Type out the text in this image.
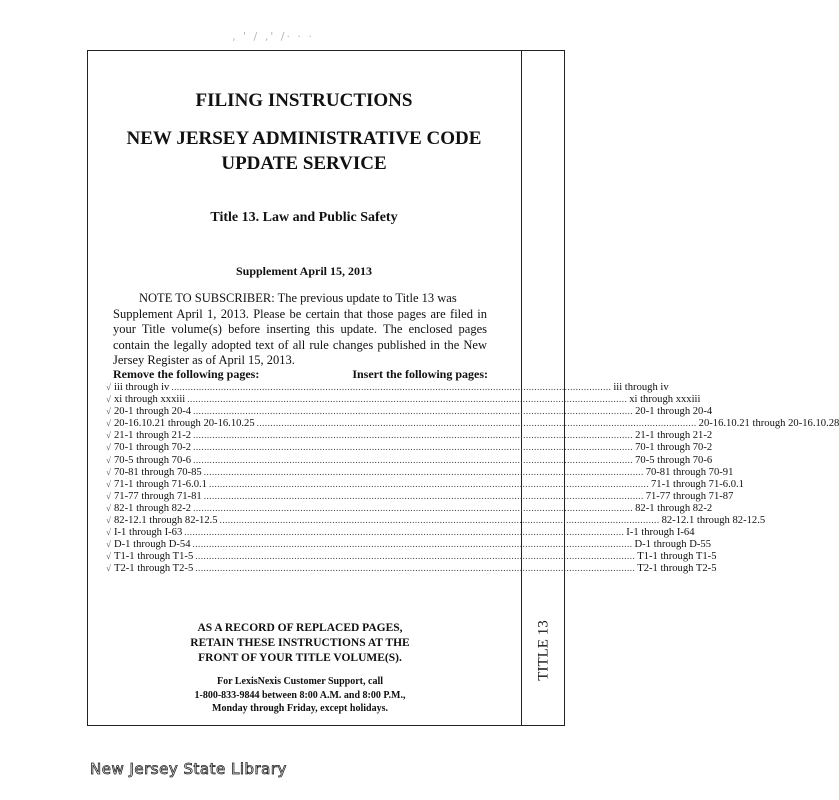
‚ ' / ‚' /· · ·
TITLE 13
FILING INSTRUCTIONS
NEW JERSEY ADMINISTRATIVE CODE
UPDATE SERVICE
Title 13. Law and Public Safety
Supplement April 15, 2013
NOTE TO SUBSCRIBER: The previous update to Title 13 was
Supplement April 1, 2013. Please be certain that those pages are filed in your Title volume(s) before inserting this update. The enclosed pages contain the legally adopted text of all rule changes published in the New Jersey Register as of April 15, 2013.
Remove the following pages:	Insert the following pages:
√ iii through iv ................................................................................................................................................................ iii through iv
√ xi through xxxiii ................................................................................................................................................................ xi through xxxiii
√ 20-1 through 20-4 ................................................................................................................................................................ 20-1 through 20-4
√ 20-16.10.21 through 20-16.10.25 ................................................................................................................................................................ 20-16.10.21 through 20-16.10.28
√ 21-1 through 21-2 ................................................................................................................................................................ 21-1 through 21-2
√ 70-1 through 70-2 ................................................................................................................................................................ 70-1 through 70-2
√ 70-5 through 70-6 ................................................................................................................................................................ 70-5 through 70-6
√ 70-81 through 70-85 ................................................................................................................................................................ 70-81 through 70-91
√ 71-1 through 71-6.0.1 ................................................................................................................................................................ 71-1 through 71-6.0.1
√ 71-77 through 71-81 ................................................................................................................................................................ 71-77 through 71-87
√ 82-1 through 82-2 ................................................................................................................................................................ 82-1 through 82-2
√ 82-12.1 through 82-12.5 ................................................................................................................................................................ 82-12.1 through 82-12.5
√ I-1 through I-63 ................................................................................................................................................................ I-1 through I-64
√ D-1 through D-54 ................................................................................................................................................................ D-1 through D-55
√ T1-1 through T1-5 ................................................................................................................................................................ T1-1 through T1-5
√ T2-1 through T2-5 ................................................................................................................................................................ T2-1 through T2-5
AS A RECORD OF REPLACED PAGES,
RETAIN THESE INSTRUCTIONS AT THE
FRONT OF YOUR TITLE VOLUME(S).
For LexisNexis Customer Support, call
1-800-833-9844 between 8:00 A.M. and 8:00 P.M.,
Monday through Friday, except holidays.
New Jersey State Library
